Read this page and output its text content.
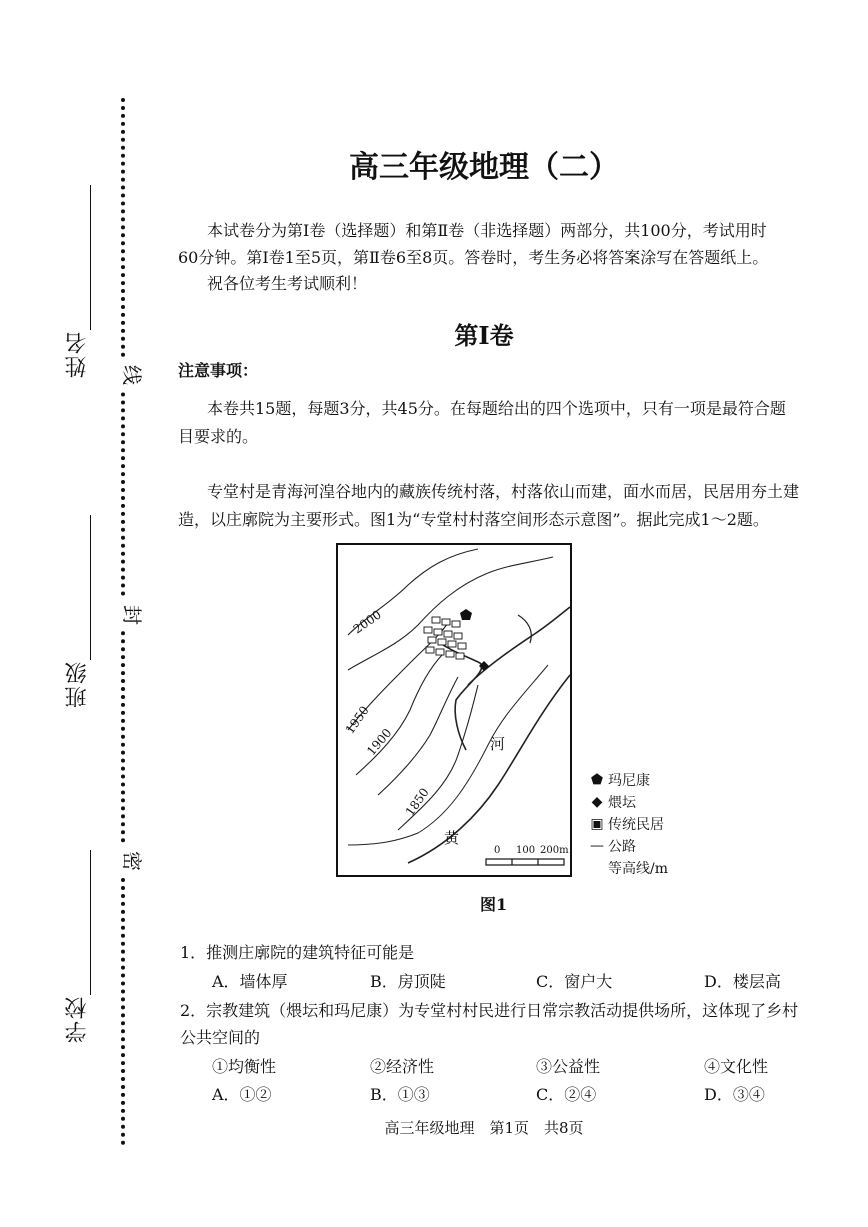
线
封
密
姓名
班级
学校
高三年级地理（二）
本试卷分为第Ⅰ卷（选择题）和第Ⅱ卷（非选择题）两部分，共100分，考试用时
60分钟。第Ⅰ卷1至5页，第Ⅱ卷6至8页。答卷时，考生务必将答案涂写在答题纸上。
祝各位考生考试顺利！
第Ⅰ卷
注意事项：
本卷共15题，每题3分，共45分。在每题给出的四个选项中，只有一项是最符合题
目要求的。
专堂村是青海河湟谷地内的藏族传统村落，村落依山而建，面水而居，民居用夯土建
造，以庄廓院为主要形式。图1为“专堂村村落空间形态示意图”。据此完成1～2题。
2000
1950
1900
1850
河
黄
0 100 200m
⬟ 玛尼康
◆ 煨坛
▣ 传统民居
— 公路
等高线/m
图1
1．推测庄廓院的建筑特征可能是
A．墙体厚	B．房顶陡	C．窗户大	D．楼层高
2．宗教建筑（煨坛和玛尼康）为专堂村村民进行日常宗教活动提供场所，这体现了乡村
公共空间的
①均衡性	②经济性	③公益性	④文化性
A．①②	B．①③	C．②④	D．③④
高三年级地理　第1页　共8页
